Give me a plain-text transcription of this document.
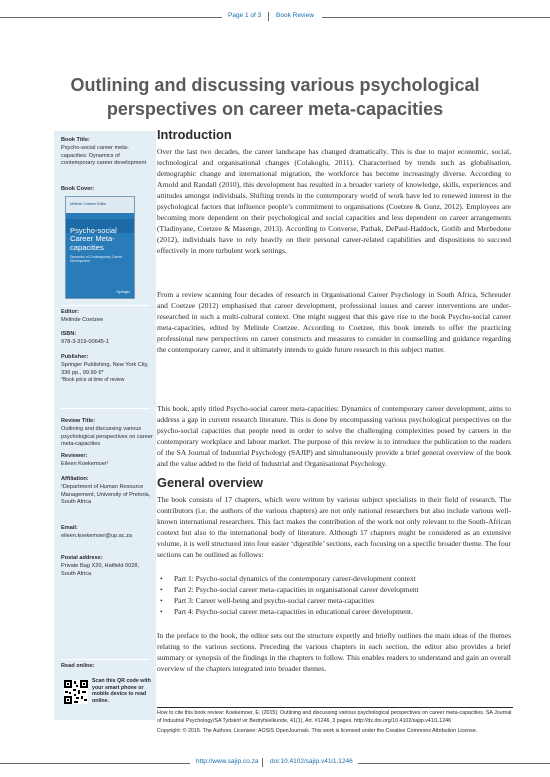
Page 1 of 3 Book Review
Outlining and discussing various psychological perspectives on career meta-capacities
Book Title:
Psycho-social career meta-capacities: Dynamics of contemporary career development
Book Cover:
Editor:
Melinde Coetzee
ISBN:
978-3-319-00645-1
Publisher:
Springer Publishing, New York City, 336 pp., 99.99 €*
*Book price at time of review
Review Title:
Outlining and discussing various psychological perspectives on career meta-capacities
Reviewer:
Eileen Koekemoer¹
Affiliation:
¹Department of Human Resource Management, University of Pretoria, South Africa
Email:
eileen.koekemoer@up.ac.za
Postal address:
Private Bag X20, Hatfield 0028, South Africa
Read online:
Melinde Coetzee Editor
Psycho-social Career Meta-capacities
Dynamics of Contemporary Career Development
Springer
Scan this QR code with your smart phone or mobile device to read online.
Introduction

Over the last two decades, the career landscape has changed dramatically. This is due to major economic, social, technological and organisational changes (Colakoglu, 2011). Characterised by trends such as globalisation, demographic change and international migration, the workforce has become increasingly diverse. According to Arnold and Randall (2010), this development has resulted in a broader variety of knowledge, skills, experiences and attitudes amongst individuals. Shifting trends in the contemporary world of work have led to renewed interest in the psychological factors that influence people’s commitment to organisations (Coetzee & Gunz, 2012). Employees are becoming more dependent on their psychological and social capacities and less dependent on career arrangements (Tladinyane, Coetzee & Masenge, 2013). According to Converse, Pathak, DePaul-Haddock, Gotlib and Merbedone (2012), individuals have to rely heavily on their personal career-related capabilities and dispositions to succeed effectively in more turbulent work settings.

From a review scanning four decades of research in Organisational Career Psychology in South Africa, Schreuder and Coetzee (2012) emphasised that career development, professional issues and career interventions are under-researched in such a multi-cultural context. One might suggest that this gave rise to the book Psycho-social career meta-capacities, edited by Melinde Coetzee. According to Coetzee, this book intends to offer the practicing professional new perspectives on career constructs and measures to consider in counselling and guidance regarding the contemporary career, and it ultimately intends to guide future research in this subject matter.

This book, aptly titled Psycho-social career meta-capacities: Dynamics of contemporary career development, aims to address a gap in current research literature. This is done by encompassing various psychological perspectives on the psycho-social capacities that people need in order to solve the challenging complexities posed by careers in the contemporary workplace and labour market. The purpose of this review is to introduce the publication to the readers of the SA Journal of Industrial Psychology (SAJIP) and simultaneously provide a brief general overview of the book and the value added to the field of Industrial and Organisational Psychology.

General overview

The book consists of 17 chapters, which were written by various subject specialists in their field of research. The contributors (i.e. the authors of the various chapters) are not only national researchers but also include various well-known international researchers. This fact makes the contribution of the work not only relevant to the South-African context but also to the international body of literature. Although 17 chapters might be considered as an extensive volume, it is well structured into four easier ‘digestible’ sections, each focusing on a specific broader theme. The four sections can be outlined as follows:

• Part 1: Psycho-social dynamics of the contemporary career-development context
• Part 2: Psycho-social career meta-capacities in organisational career development
• Part 3: Career well-being and psycho-social career meta-capacities
• Part 4: Psycho-social career meta-capacities in educational career development.

In the preface to the book, the editor sets out the structure expertly and briefly outlines the main ideas of the themes relating to the various sections. Preceding the various chapters in each section, the editor also provides a brief summary or synopsis of the findings in the chapters to follow. This enables readers to understand and gain an overall overview of the chapters integrated into broader themes.

How to cite this book review: Koekemoer, E. (2015). Outlining and discussing various psychological perspectives on career meta-capacities. SA Journal of Industrial Psychology/SA Tydskrif vir Bedryfsielkunde, 41(1), Art. #1246, 3 pages. http://dx.doi.org/10.4102/sajip.v41i1.1246

Copyright: © 2015. The Authors. Licensee: AOSIS OpenJournals. This work is licensed under the Creative Commons Attribution License.

http://www.sajip.co.za doi:10.4102/sajip.v41i1.1246
